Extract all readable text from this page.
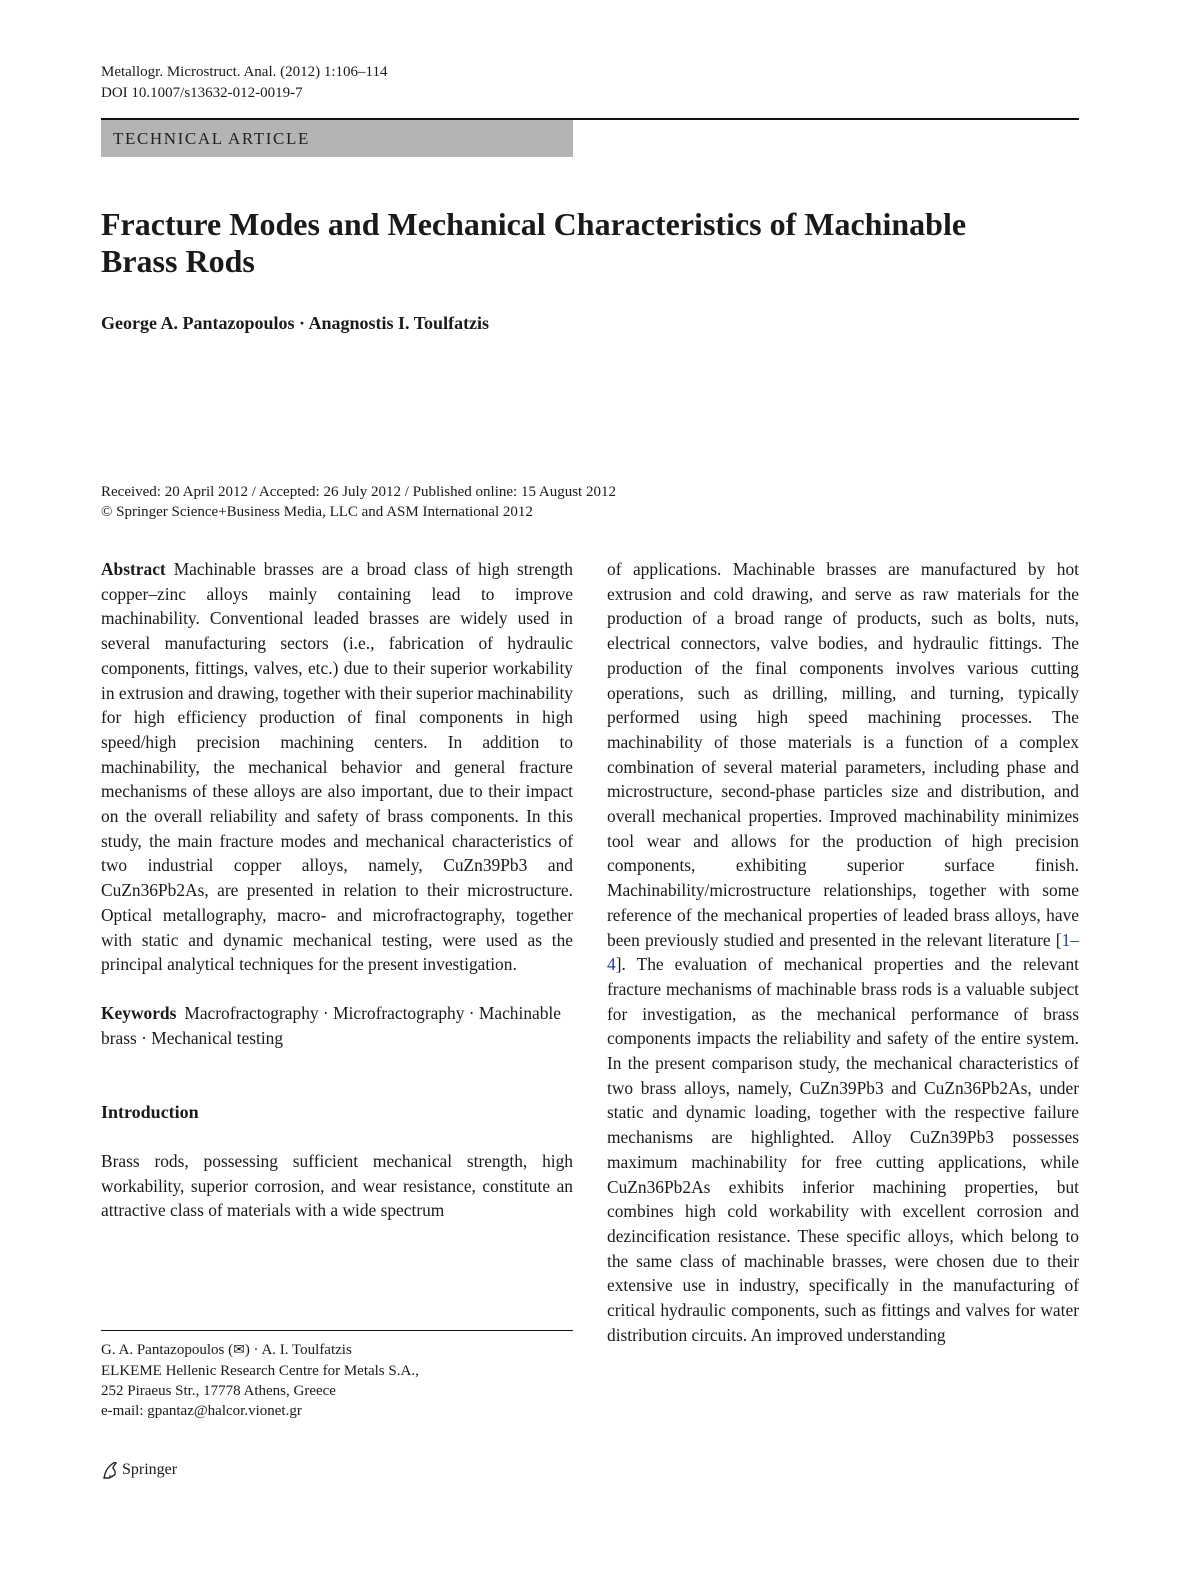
Metallogr. Microstruct. Anal. (2012) 1:106–114
DOI 10.1007/s13632-012-0019-7
TECHNICAL ARTICLE
Fracture Modes and Mechanical Characteristics of Machinable
Brass Rods
George A. Pantazopoulos · Anagnostis I. Toulfatzis
Received: 20 April 2012 / Accepted: 26 July 2012 / Published online: 15 August 2012
© Springer Science+Business Media, LLC and ASM International 2012

Abstract Machinable brasses are a broad class of high strength copper–zinc alloys mainly containing lead to improve machinability. Conventional leaded brasses are widely used in several manufacturing sectors (i.e., fabrication of hydraulic components, fittings, valves, etc.) due to their superior workability in extrusion and drawing, together with their superior machinability for high efficiency production of final components in high speed/high precision machining centers. In addition to machinability, the mechanical behavior and general fracture mechanisms of these alloys are also important, due to their impact on the overall reliability and safety of brass components. In this study, the main fracture modes and mechanical characteristics of two industrial copper alloys, namely, CuZn39Pb3 and CuZn36Pb2As, are presented in relation to their microstructure. Optical metallography, macro- and microfractography, together with static and dynamic mechanical testing, were used as the principal analytical techniques for the present investigation.

Keywords Macrofractography · Microfractography · Machinable brass · Mechanical testing

Introduction

Brass rods, possessing sufficient mechanical strength, high workability, superior corrosion, and wear resistance, constitute an attractive class of materials with a wide spectrum

of applications. Machinable brasses are manufactured by hot extrusion and cold drawing, and serve as raw materials for the production of a broad range of products, such as bolts, nuts, electrical connectors, valve bodies, and hydraulic fittings. The production of the final components involves various cutting operations, such as drilling, milling, and turning, typically performed using high speed machining processes. The machinability of those materials is a function of a complex combination of several material parameters, including phase and microstructure, second-phase particles size and distribution, and overall mechanical properties. Improved machinability minimizes tool wear and allows for the production of high precision components, exhibiting superior surface finish. Machinability/microstructure relationships, together with some reference of the mechanical properties of leaded brass alloys, have been previously studied and presented in the relevant literature [1–4]. The evaluation of mechanical properties and the relevant fracture mechanisms of machinable brass rods is a valuable subject for investigation, as the mechanical performance of brass components impacts the reliability and safety of the entire system. In the present comparison study, the mechanical characteristics of two brass alloys, namely, CuZn39Pb3 and CuZn36Pb2As, under static and dynamic loading, together with the respective failure mechanisms are highlighted. Alloy CuZn39Pb3 possesses maximum machinability for free cutting applications, while CuZn36Pb2As exhibits inferior machining properties, but combines high cold workability with excellent corrosion and dezincification resistance. These specific alloys, which belong to the same class of machinable brasses, were chosen due to their extensive use in industry, specifically in the manufacturing of critical hydraulic components, such as fittings and valves for water distribution circuits. An improved understanding

G. A. Pantazopoulos (✉) · A. I. Toulfatzis
ELKEME Hellenic Research Centre for Metals S.A.,
252 Piraeus Str., 17778 Athens, Greece
e-mail: gpantaz@halcor.vionet.gr
Springer
